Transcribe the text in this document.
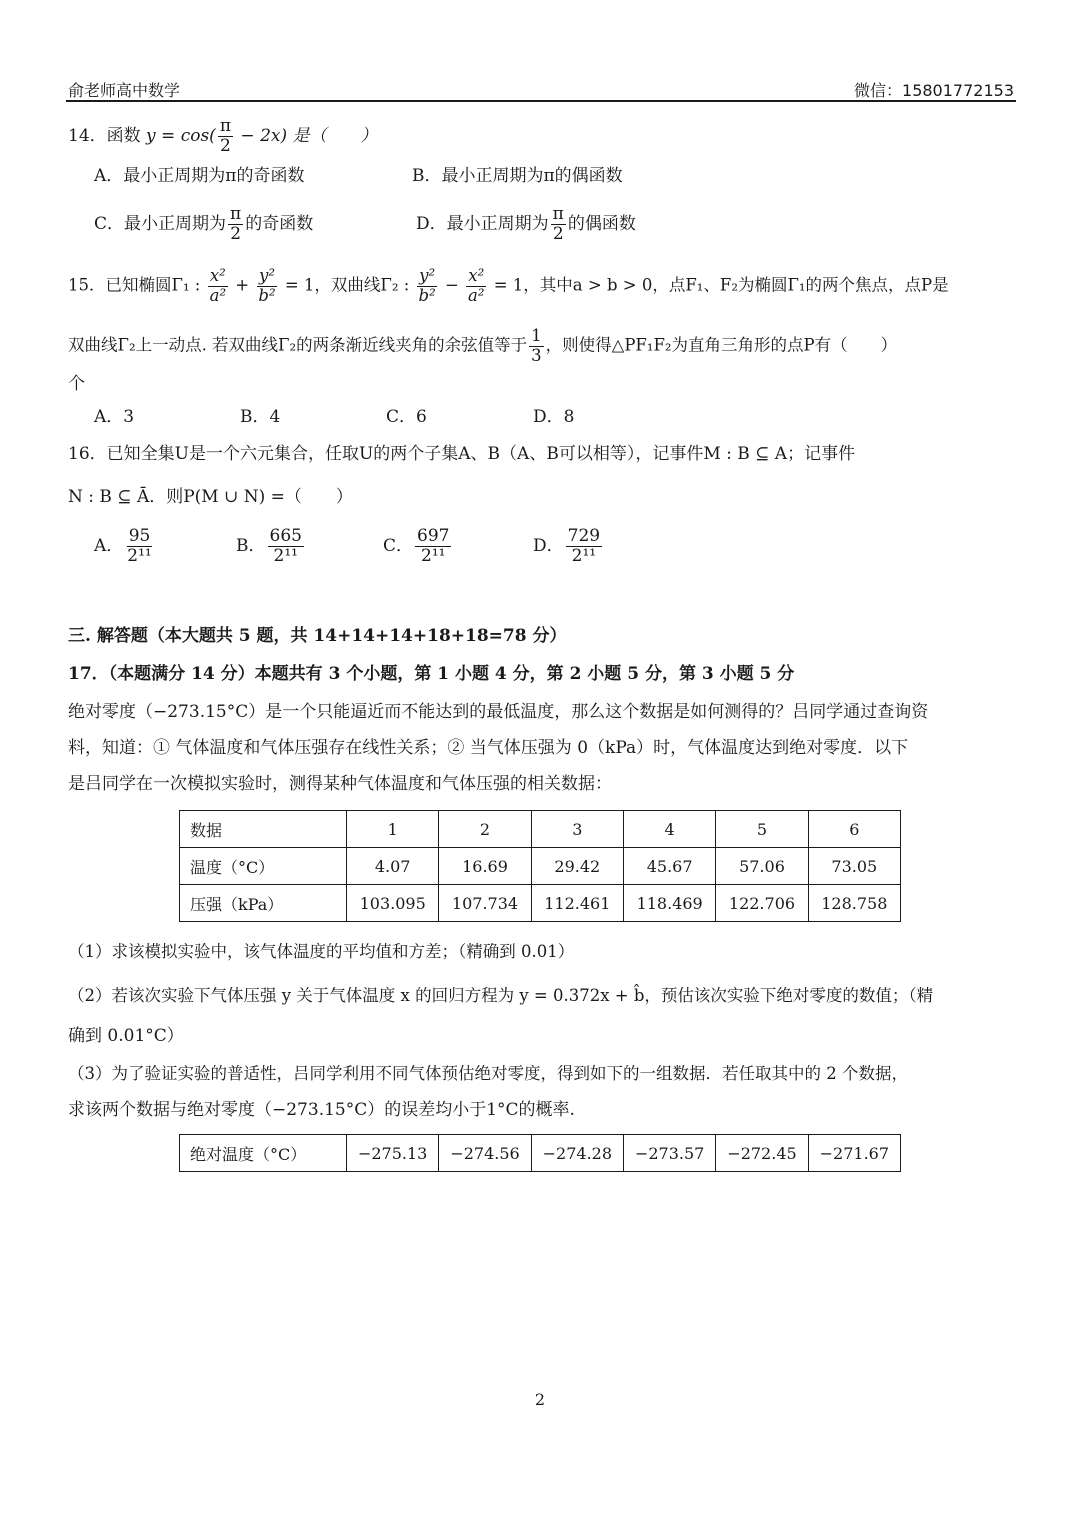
俞老师高中数学	微信：15801772153
14．函数 $y = \cos( \frac{\pi}{2} - 2x)$ 是（　　）
A．最小正周期为π的奇函数	B．最小正周期为π的偶函数
C．最小正周期为 $\frac{\pi}{2}$ 的奇函数	D．最小正周期为 $\frac{\pi}{2}$ 的偶函数
15．已知椭圆Γ₁ : $\frac{\text{x²}}{\text{a²}} + \frac{\text{y²}}{\text{b²}} = 1$，双曲线Γ₂ : $\frac{\text{y²}}{\text{b²}} - \frac{\text{x²}}{\text{a²}} = 1$，其中a > b > 0，点F₁、F₂为椭圆Γ₁的两个焦点，点P是
双曲线Γ₂上一动点. 若双曲线Γ₂的两条渐近线夹角的余弦值等于 $\frac{1}{3}$ ，则使得△PF₁F₂为直角三角形的点P有（　　）
个
A．3	B．4	C．6	D．8
16．已知全集U是一个六元集合，任取U的两个子集A、B（A、B可以相等），记事件M : B ⊆ A；记事件
N : B ⊆ Ā．则P(M ∪ N) =（　　）
A． $\frac{95}{\text{2¹¹}}$	B． $\frac{665}{\text{2¹¹}}$	C． $\frac{697}{\text{2¹¹}}$	D． $\frac{729}{\text{2¹¹}}$
三. 解答题（本大题共 5 题，共 14+14+14+18+18=78 分）
17．（本题满分 14 分）本题共有 3 个小题，第 1 小题 4 分，第 2 小题 5 分，第 3 小题 5 分
绝对零度（−273.15°C）是一个只能逼近而不能达到的最低温度，那么这个数据是如何测得的？吕同学通过查询资
料，知道：① 气体温度和气体压强存在线性关系；② 当气体压强为 0（kPa）时，气体温度达到绝对零度．以下
是吕同学在一次模拟实验时，测得某种气体温度和气体压强的相关数据：
数据	1	2	3	4	5	6
温度（°C）	4.07	16.69	29.42	45.67	57.06	73.05
压强（kPa）	103.095	107.734	112.461	118.469	122.706	128.758
（1）求该模拟实验中，该气体温度的平均值和方差；（精确到 0.01）
（2）若该次实验下气体压强 y 关于气体温度 x 的回归方程为 y = 0.372x + b̂，预估该次实验下绝对零度的数值；（精
确到 0.01°C）
（3）为了验证实验的普适性，吕同学利用不同气体预估绝对零度，得到如下的一组数据．若任取其中的 2 个数据，
求该两个数据与绝对零度（−273.15°C）的误差均小于1°C的概率.
绝对温度（°C）	−275.13	−274.56	−274.28	−273.57	−272.45	−271.67
2
